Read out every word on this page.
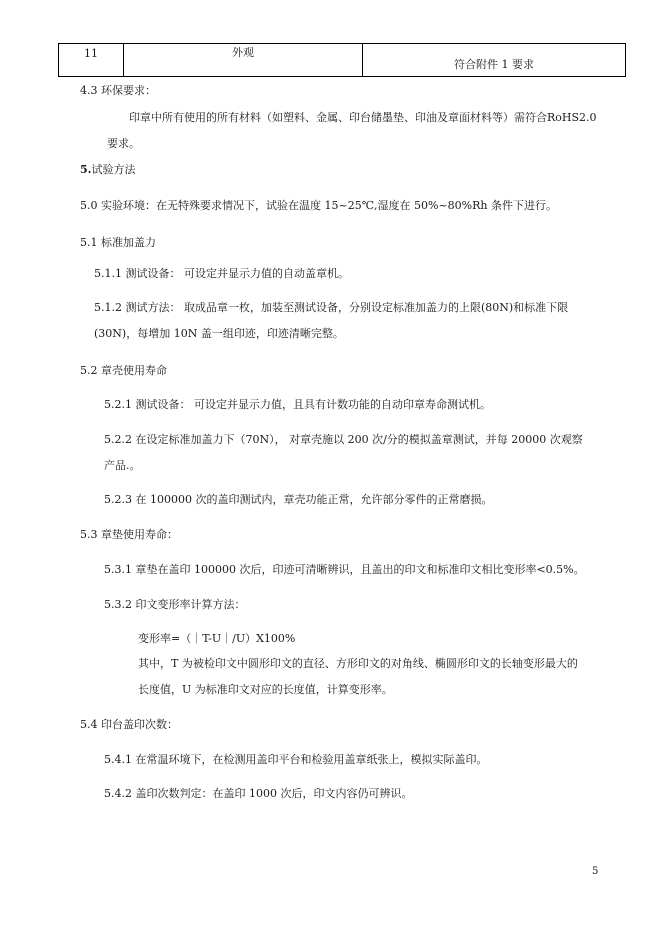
11	外观	符合附件 1 要求
4.3 环保要求：
印章中所有使用的所有材料（如塑料、金属、印台储墨垫、印油及章面材料等）需符合RoHS2.0
要求。
5.试验方法
5.0 实验环境：在无特殊要求情况下，试验在温度 15~25℃,湿度在 50%~80%Rh 条件下进行。
5.1 标准加盖力
5.1.1 测试设备： 可设定并显示力值的自动盖章机。
5.1.2 测试方法： 取成品章一枚，加装至测试设备，分别设定标准加盖力的上限(80N)和标准下限
(30N)，每增加 10N 盖一组印迹，印迹清晰完整。
5.2 章壳使用寿命
5.2.1 测试设备： 可设定并显示力值，且具有计数功能的自动印章寿命测试机。
5.2.2 在设定标准加盖力下（70N）， 对章壳施以 200 次/分的模拟盖章测试，并每 20000 次观察
产品.。
5.2.3 在 100000 次的盖印测试内，章壳功能正常，允许部分零件的正常磨损。
5.3 章垫使用寿命：
5.3.1 章垫在盖印 100000 次后，印迹可清晰辨识，且盖出的印文和标准印文相比变形率<0.5%。
5.3.2 印文变形率计算方法：
变形率=（｜T-U｜/U）X100%
其中，T 为被检印文中圆形印文的直径、方形印文的对角线、椭圆形印文的长轴变形最大的
长度值，U 为标准印文对应的长度值，计算变形率。
5.4 印台盖印次数：
5.4.1 在常温环境下，在检测用盖印平台和检验用盖章纸张上，模拟实际盖印。
5.4.2 盖印次数判定：在盖印 1000 次后，印文内容仍可辨识。
5
